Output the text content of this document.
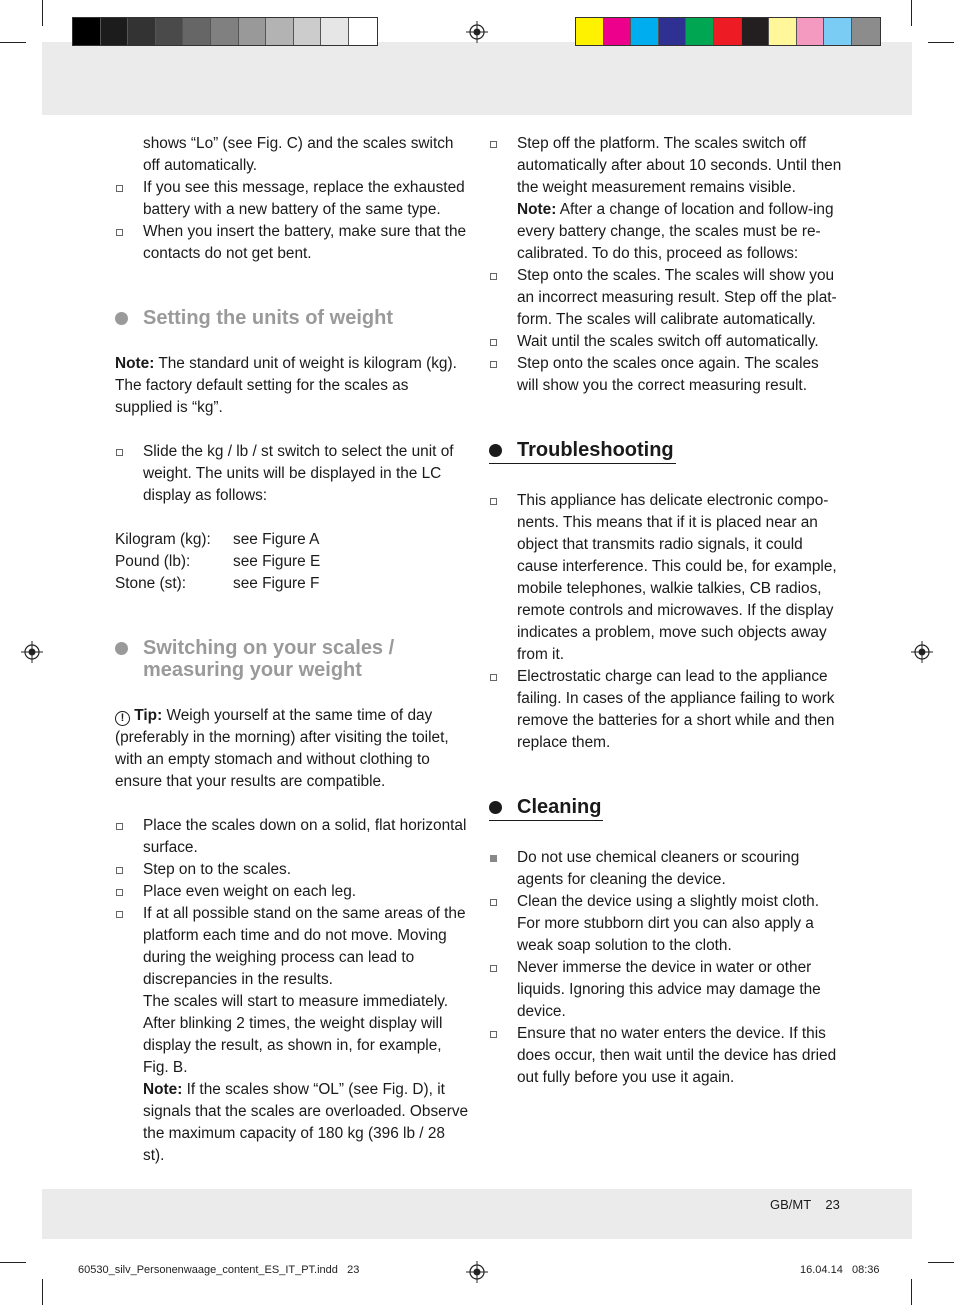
shows “Lo” (see Fig. C) and the scales switch off automatically.
If you see this message, replace the exhausted battery with a new battery of the same type.
When you insert the battery, make sure that the contacts do not get bent.
Setting the units of weight
Note: The standard unit of weight is kilogram (kg). The factory default setting for the scales as supplied is “kg”.
Slide the kg / lb / st switch to select the unit of weight. The units will be displayed in the LC display as follows:
Kilogram (kg):	see Figure A
Pound (lb):	see Figure E
Stone (st):	see Figure F
Switching on your scales /
measuring your weight
! Tip: Weigh yourself at the same time of day (preferably in the morning) after visiting the toilet, with an empty stomach and without clothing to ensure that your results are compatible.
Place the scales down on a solid, flat horizontal surface.
Step on to the scales.
Place even weight on each leg.
If at all possible stand on the same areas of the platform each time and do not move. Moving during the weighing process can lead to discrepancies in the results.
The scales will start to measure immediately. After blinking 2 times, the weight display will display the result, as shown in, for example, Fig. B.
Note: If the scales show “OL” (see Fig. D), it signals that the scales are overloaded. Observe the maximum capacity of 180 kg (396 lb / 28 st).
Step off the platform. The scales switch off automatically after about 10 seconds. Until then the weight measurement remains visible.
Note: After a change of location and follow-ing every battery change, the scales must be re-calibrated. To do this, proceed as follows:
Step onto the scales. The scales will show you an incorrect measuring result. Step off the plat-form. The scales will calibrate automatically.
Wait until the scales switch off automatically.
Step onto the scales once again. The scales will show you the correct measuring result.
Troubleshooting
This appliance has delicate electronic compo-nents. This means that if it is placed near an object that transmits radio signals, it could cause interference. This could be, for example, mobile telephones, walkie talkies, CB radios, remote controls and microwaves. If the display indicates a problem, move such objects away from it.
Electrostatic charge can lead to the appliance failing. In cases of the appliance failing to work remove the batteries for a short while and then replace them.
Cleaning
Do not use chemical cleaners or scouring agents for cleaning the device.
Clean the device using a slightly moist cloth. For more stubborn dirt you can also apply a weak soap solution to the cloth.
Never immerse the device in water or other liquids. Ignoring this advice may damage the device.
Ensure that no water enters the device. If this does occur, then wait until the device has dried out fully before you use it again.
GB/MT    23
60530_silv_Personenwaage_content_ES_IT_PT.indd   23	16.04.14   08:36
